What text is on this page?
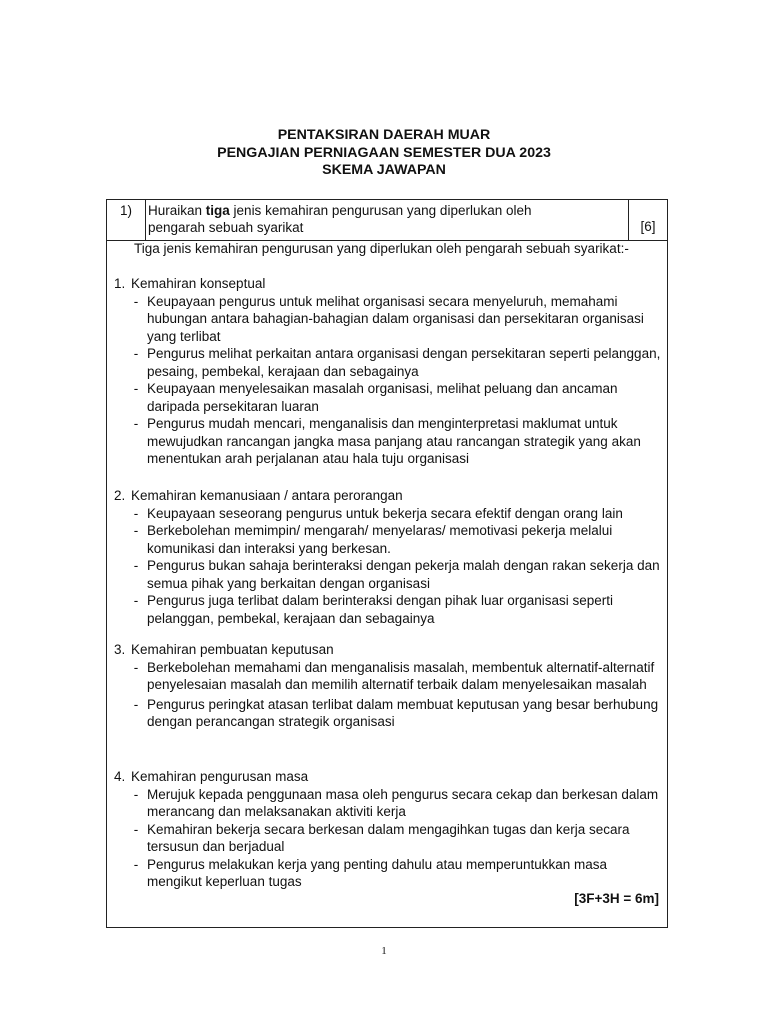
PENTAKSIRAN DAERAH MUAR
PENGAJIAN PERNIAGAAN SEMESTER DUA 2023
SKEMA JAWAPAN
1)	Huraikan tiga jenis kemahiran pengurusan yang diperlukan oleh pengarah sebuah syarikat	[6]
Tiga jenis kemahiran pengurusan yang diperlukan oleh pengarah sebuah syarikat:-
1. Kemahiran konseptual
- Keupayaan pengurus untuk melihat organisasi secara menyeluruh, memahami hubungan antara bahagian-bahagian dalam organisasi dan persekitaran organisasi yang terlibat
- Pengurus melihat perkaitan antara organisasi dengan persekitaran seperti pelanggan, pesaing, pembekal, kerajaan dan sebagainya
- Keupayaan menyelesaikan masalah organisasi, melihat peluang dan ancaman daripada persekitaran luaran
- Pengurus mudah mencari, menganalisis dan menginterpretasi maklumat untuk mewujudkan rancangan jangka masa panjang atau rancangan strategik yang akan menentukan arah perjalanan atau hala tuju organisasi
2. Kemahiran kemanusiaan / antara perorangan
- Keupayaan seseorang pengurus untuk bekerja secara efektif dengan orang lain
- Berkebolehan memimpin/ mengarah/ menyelaras/ memotivasi pekerja melalui komunikasi dan interaksi yang berkesan.
- Pengurus bukan sahaja berinteraksi dengan pekerja malah dengan rakan sekerja dan semua pihak yang berkaitan dengan organisasi
- Pengurus juga terlibat dalam berinteraksi dengan pihak luar organisasi seperti pelanggan, pembekal, kerajaan dan sebagainya
3. Kemahiran pembuatan keputusan
- Berkebolehan memahami dan menganalisis masalah, membentuk alternatif-alternatif penyelesaian masalah dan memilih alternatif terbaik dalam menyelesaikan masalah
- Pengurus peringkat atasan terlibat dalam membuat keputusan yang besar berhubung dengan perancangan strategik organisasi
4. Kemahiran pengurusan masa
- Merujuk kepada penggunaan masa oleh pengurus secara cekap dan berkesan dalam merancang dan melaksanakan aktiviti kerja
- Kemahiran bekerja secara berkesan dalam mengagihkan tugas dan kerja secara tersusun dan berjadual
- Pengurus melakukan kerja yang penting dahulu atau memperuntukkan masa mengikut keperluan tugas
[3F+3H = 6m]
1
